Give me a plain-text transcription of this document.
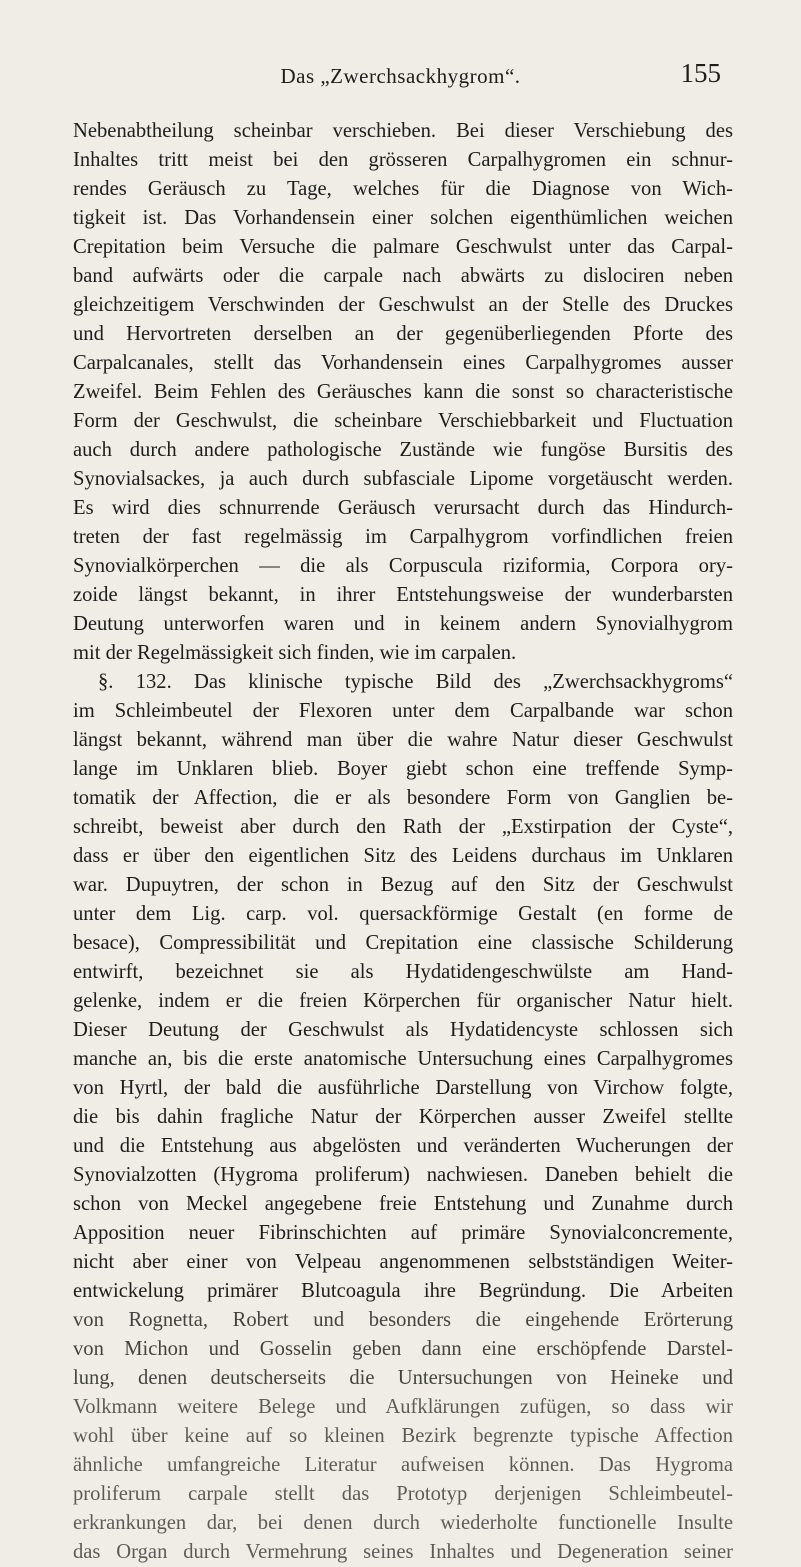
Das „Zwerchsackhygrom“.	155
Nebenabtheilung scheinbar verschieben. Bei dieser Verschiebung des
Inhaltes tritt meist bei den grösseren Carpalhygromen ein schnur-
rendes Geräusch zu Tage, welches für die Diagnose von Wich-
tigkeit ist. Das Vorhandensein einer solchen eigenthümlichen weichen
Crepitation beim Versuche die palmare Geschwulst unter das Carpal-
band aufwärts oder die carpale nach abwärts zu dislociren neben
gleichzeitigem Verschwinden der Geschwulst an der Stelle des Druckes
und Hervortreten derselben an der gegenüberliegenden Pforte des
Carpalcanales, stellt das Vorhandensein eines Carpalhygromes ausser
Zweifel. Beim Fehlen des Geräusches kann die sonst so characteristische
Form der Geschwulst, die scheinbare Verschiebbarkeit und Fluctuation
auch durch andere pathologische Zustände wie fungöse Bursitis des
Synovialsackes, ja auch durch subfasciale Lipome vorgetäuscht werden.
Es wird dies schnurrende Geräusch verursacht durch das Hindurch-
treten der fast regelmässig im Carpalhygrom vorfindlichen freien
Synovialkörperchen — die als Corpuscula riziformia, Corpora ory-
zoide längst bekannt, in ihrer Entstehungsweise der wunderbarsten
Deutung unterworfen waren und in keinem andern Synovialhygrom
mit der Regelmässigkeit sich finden, wie im carpalen.
§. 132. Das klinische typische Bild des „Zwerchsackhygroms“
im Schleimbeutel der Flexoren unter dem Carpalbande war schon
längst bekannt, während man über die wahre Natur dieser Geschwulst
lange im Unklaren blieb. Boyer giebt schon eine treffende Symp-
tomatik der Affection, die er als besondere Form von Ganglien be-
schreibt, beweist aber durch den Rath der „Exstirpation der Cyste“,
dass er über den eigentlichen Sitz des Leidens durchaus im Unklaren
war. Dupuytren, der schon in Bezug auf den Sitz der Geschwulst
unter dem Lig. carp. vol. quersackförmige Gestalt (en forme de
besace), Compressibilität und Crepitation eine classische Schilderung
entwirft, bezeichnet sie als Hydatidengeschwülste am Hand-
gelenke, indem er die freien Körperchen für organischer Natur hielt.
Dieser Deutung der Geschwulst als Hydatidencyste schlossen sich
manche an, bis die erste anatomische Untersuchung eines Carpalhygromes
von Hyrtl, der bald die ausführliche Darstellung von Virchow folgte,
die bis dahin fragliche Natur der Körperchen ausser Zweifel stellte
und die Entstehung aus abgelösten und veränderten Wucherungen der
Synovialzotten (Hygroma proliferum) nachwiesen. Daneben behielt die
schon von Meckel angegebene freie Entstehung und Zunahme durch
Apposition neuer Fibrinschichten auf primäre Synovialconcremente,
nicht aber einer von Velpeau angenommenen selbstständigen Weiter-
entwickelung primärer Blutcoagula ihre Begründung. Die Arbeiten
von Rognetta, Robert und besonders die eingehende Erörterung
von Michon und Gosselin geben dann eine erschöpfende Darstel-
lung, denen deutscherseits die Untersuchungen von Heineke und
Volkmann weitere Belege und Aufklärungen zufügen, so dass wir
wohl über keine auf so kleinen Bezirk begrenzte typische Affection
ähnliche umfangreiche Literatur aufweisen können. Das Hygroma
proliferum carpale stellt das Prototyp derjenigen Schleimbeutel-
erkrankungen dar, bei denen durch wiederholte functionelle Insulte
das Organ durch Vermehrung seines Inhaltes und Degeneration seiner
